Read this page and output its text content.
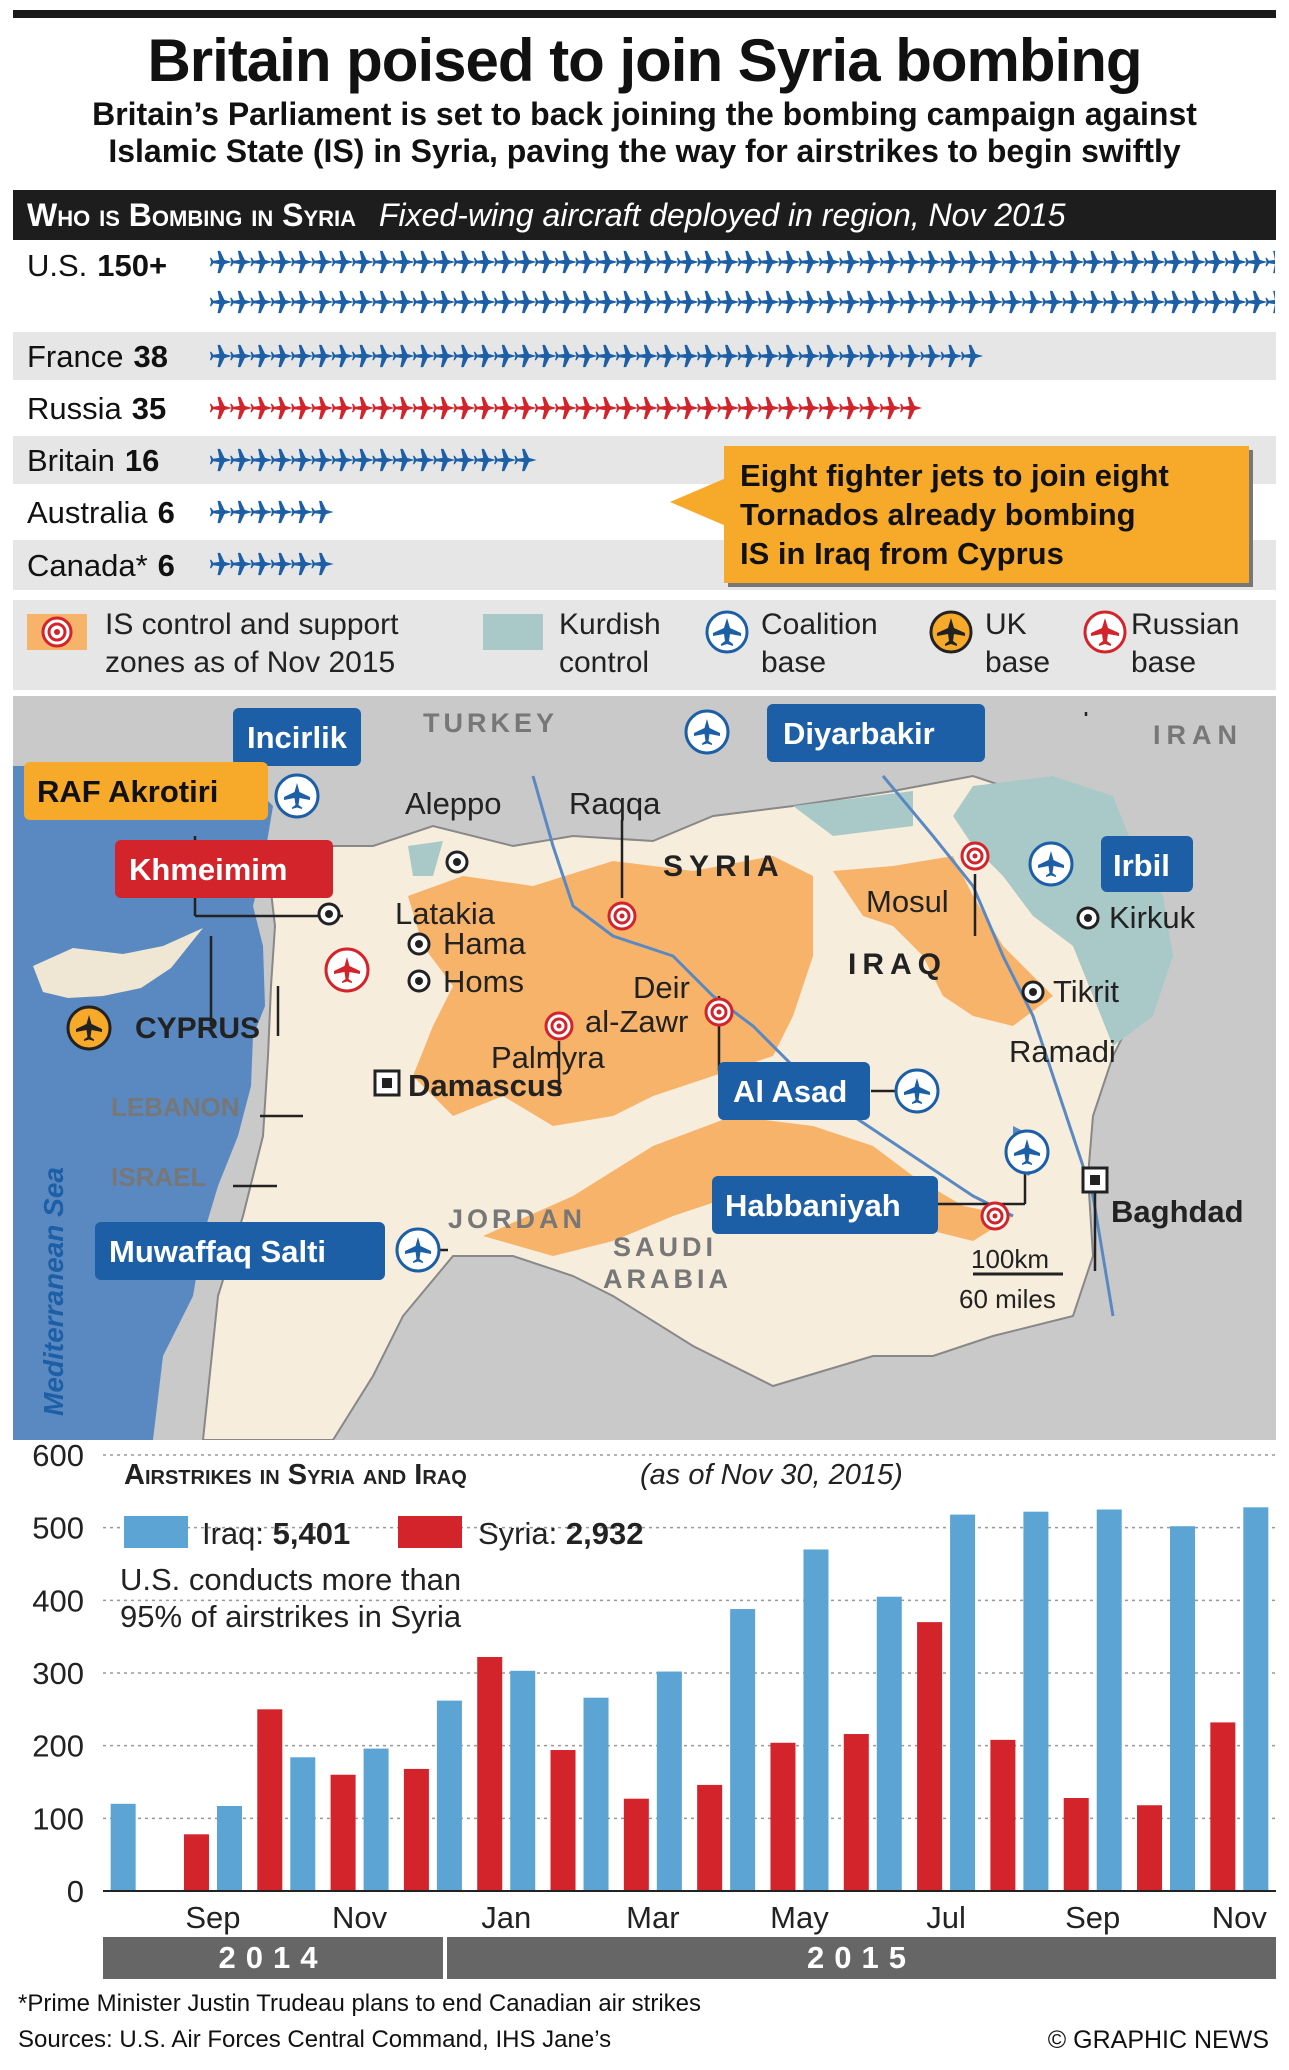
Britain poised to join Syria bombing
Britain’s Parliament is set to back joining the bombing campaign against
Islamic State (IS) in Syria, paving the way for airstrikes to begin swiftly
Who is Bombing in Syria Fixed-wing aircraft deployed in region, Nov 2015
U.S. 150+
France 38
Russia 35
Britain 16
Australia 6
Canada* 6
Eight fighter jets to join eight
Tornados already bombing
IS in Iraq from Cyprus
IS control and support
zones as of Nov 2015
Kurdish
control
Coalition
base
UK
base
Russian
base
TURKEY	IRAN
SYRIA
IRAQ
JORDAN
SAUDI
ARABIA
LEBANON
ISRAEL
CYPRUS
Mediterranean Sea
Aleppo Raqqa
Latakia
Hama
Homs	Deir
al-Zawr
Palmyra
Damascus
Mosul	Kirkuk
Tikrit
Ramadi
Baghdad
Incirlik	Diyarbakir
RAF Akrotiri
Khmeimim	Irbil
Al Asad
Habbaniyah
Muwaffaq Salti	100km
60 miles
0
100
200
300
400
500
600
Sep	Nov	Jan	Mar	May	Jul	Sep	Nov
Airstrikes in Syria and Iraq	(as of Nov 30, 2015)
Iraq: 5,401	Syria: 2,932
U.S. conducts more than
95% of airstrikes in Syria
2014	2015
*Prime Minister Justin Trudeau plans to end Canadian air strikes
Sources: U.S. Air Forces Central Command, IHS Jane’s	© GRAPHIC NEWS
